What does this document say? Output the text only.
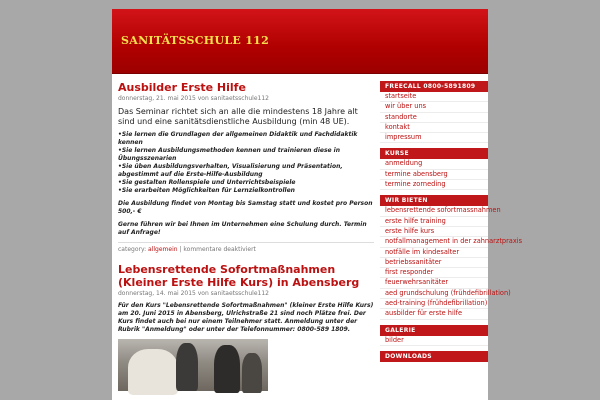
SANITÄTSSCHULE 112
Ausbilder Erste Hilfe
donnerstag, 21. mai 2015 von sanitaetsschule112

Das Seminar richtet sich an alle die mindestens 18 Jahre alt sind und eine sanitätsdienstliche Ausbildung (min 48 UE).

•Sie lernen die Grundlagen der allgemeinen Didaktik und Fachdidaktik kennen

•Sie lernen Ausbildungsmethoden kennen und trainieren diese in Übungsszenarien

•Sie üben Ausbildungsverhalten, Visualisierung und Präsentation, abgestimmt auf die Erste-Hilfe-Ausbildung

•Sie gestalten Rollenspiele und Unterrichtsbeispiele

•Sie erarbeiten Möglichkeiten für Lernzielkontrollen

Die Ausbildung findet von Montag bis Samstag statt und kostet pro Person 500,- €

Gerne führen wir bei Ihnen im Unternehmen eine Schulung durch. Termin auf Anfrage!

category: allgemein | kommentare deaktiviert
Lebensrettende Sofortmaßnahmen (Kleiner Erste Hilfe Kurs) in Abensberg
donnerstag, 14. mai 2015 von sanitaetsschule112

Für den Kurs "Lebensrettende Sofortmaßnahmen" (kleiner Erste Hilfe Kurs) am 20. Juni 2015 in Abensberg, Ulrichstraße 21 sind noch Plätze frei. Der Kurs findet auch bei nur einem Teilnehmer statt. Anmeldung unter der Rubrik "Anmeldung" oder unter der Telefonnummer: 0800-589 1809.

FREECALL 0800-5891809
startseite
wir über uns
standorte
kontakt
impressum
KURSE
anmeldung
termine abensberg
termine zorneding
WIR BIETEN
lebensrettende sofortmassnahmen
erste hilfe training
erste hilfe kurs
notfallmanagement in der zahnarztpraxis
notfälle im kindesalter
betriebssanitäter
first responder
feuerwehrsanitäter
aed grundschulung (frühdefibrillation)
aed-training (frühdefibrillation)
ausbilder für erste hilfe
GALERIE
bilder
DOWNLOADS
